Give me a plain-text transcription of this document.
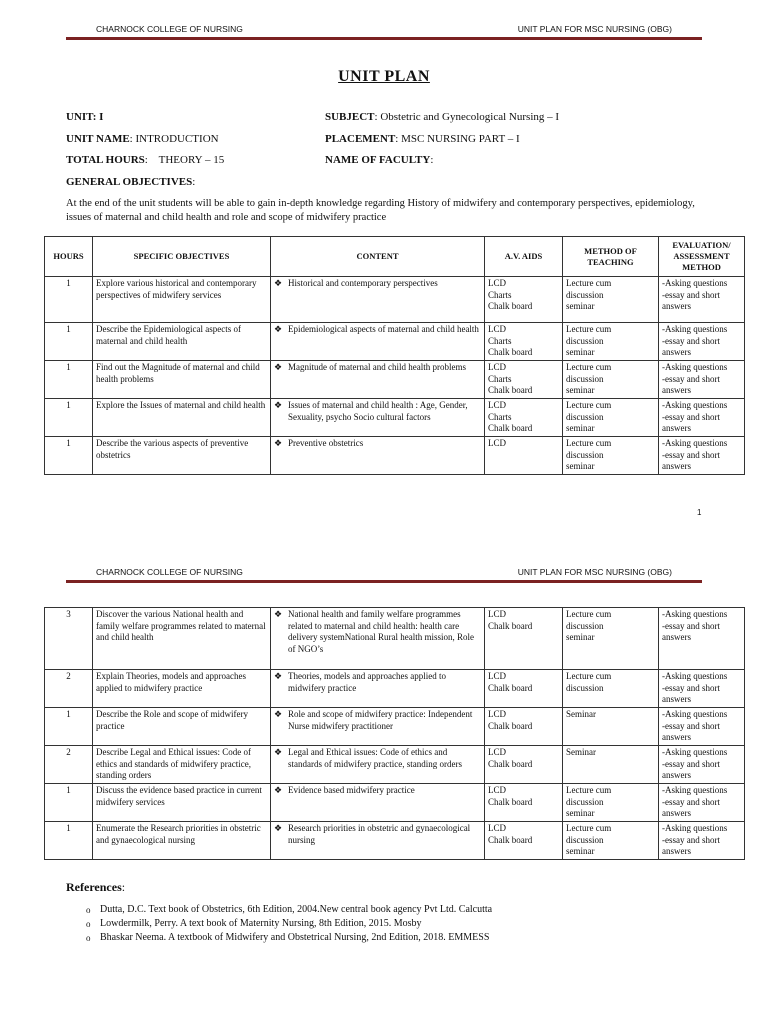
CHARNOCK COLLEGE OF NURSING	UNIT PLAN FOR MSC NURSING (OBG)
UNIT PLAN
UNIT: I	SUBJECT: Obstetric and Gynecological Nursing – I
UNIT NAME: INTRODUCTION	PLACEMENT: MSC NURSING PART – I
TOTAL HOURS:    THEORY – 15	NAME OF FACULTY:
GENERAL OBJECTIVES:
At the end of the unit students will be able to gain in-depth knowledge regarding History of midwifery and contemporary perspectives, epidemiology, issues of maternal and child health and role and scope of midwifery practice
HOURS	SPECIFIC OBJECTIVES	CONTENT	A.V. AIDS	METHOD OF TEACHING	EVALUATION/ ASSESSMENT METHOD
1	Explore various historical and contemporary perspectives of midwifery services	❖ Historical and contemporary perspectives	LCD
Charts
Chalk board	Lecture cum
discussion
seminar	-Asking questions
-essay and short
answers
1	Describe the Epidemiological aspects of maternal and child health	❖ Epidemiological aspects of maternal and child health	LCD
Charts
Chalk board	Lecture cum
discussion
seminar	-Asking questions
-essay and short
answers
1	Find out the Magnitude of maternal and child health problems	❖ Magnitude of maternal and child health problems	LCD
Charts
Chalk board	Lecture cum
discussion
seminar	-Asking questions
-essay and short
answers
1	Explore the Issues of maternal and child health	❖ Issues of maternal and child health : Age, Gender, Sexuality, psycho Socio cultural factors	LCD
Charts
Chalk board	Lecture cum
discussion
seminar	-Asking questions
-essay and short
answers
1	Describe the various aspects of preventive obstetrics	❖ Preventive obstetrics	LCD	Lecture cum
discussion
seminar	-Asking questions
-essay and short
answers
1
CHARNOCK COLLEGE OF NURSING	UNIT PLAN FOR MSC NURSING (OBG)
3	Discover the various National health and family welfare programmes related to maternal and child health	❖ National health and family welfare programmes related to maternal and child health: health care delivery systemNational Rural health mission, Role of NGO’s	LCD
Chalk board	Lecture cum
discussion
seminar	-Asking questions
-essay and short
answers
2	Explain Theories, models and approaches applied to midwifery practice	❖ Theories, models and approaches applied to midwifery practice	LCD
Chalk board	Lecture cum
discussion	-Asking questions
-essay and short
answers
1	Describe the Role and scope of midwifery practice	❖ Role and scope of midwifery practice: Independent Nurse midwifery practitioner	LCD
Chalk board	Seminar	-Asking questions
-essay and short
answers
2	Describe Legal and Ethical issues: Code of ethics and standards of midwifery practice, standing orders	❖ Legal and Ethical issues: Code of ethics and standards of midwifery practice, standing orders	LCD
Chalk board	Seminar	-Asking questions
-essay and short
answers
1	Discuss the evidence based practice in current midwifery services	❖ Evidence based midwifery practice	LCD
Chalk board	Lecture cum
discussion
seminar	-Asking questions
-essay and short
answers
1	Enumerate the Research priorities in obstetric and gynaecological nursing	❖ Research priorities in obstetric and gynaecological nursing	LCD
Chalk board	Lecture cum
discussion
seminar	-Asking questions
-essay and short
answers
References:
o Dutta, D.C. Text book of Obstetrics, 6th Edition, 2004.New central book agency Pvt Ltd. Calcutta
o Lowdermilk, Perry. A text book of Maternity Nursing, 8th Edition, 2015. Mosby
o Bhaskar Neema. A textbook of Midwifery and Obstetrical Nursing, 2nd Edition, 2018. EMMESS
